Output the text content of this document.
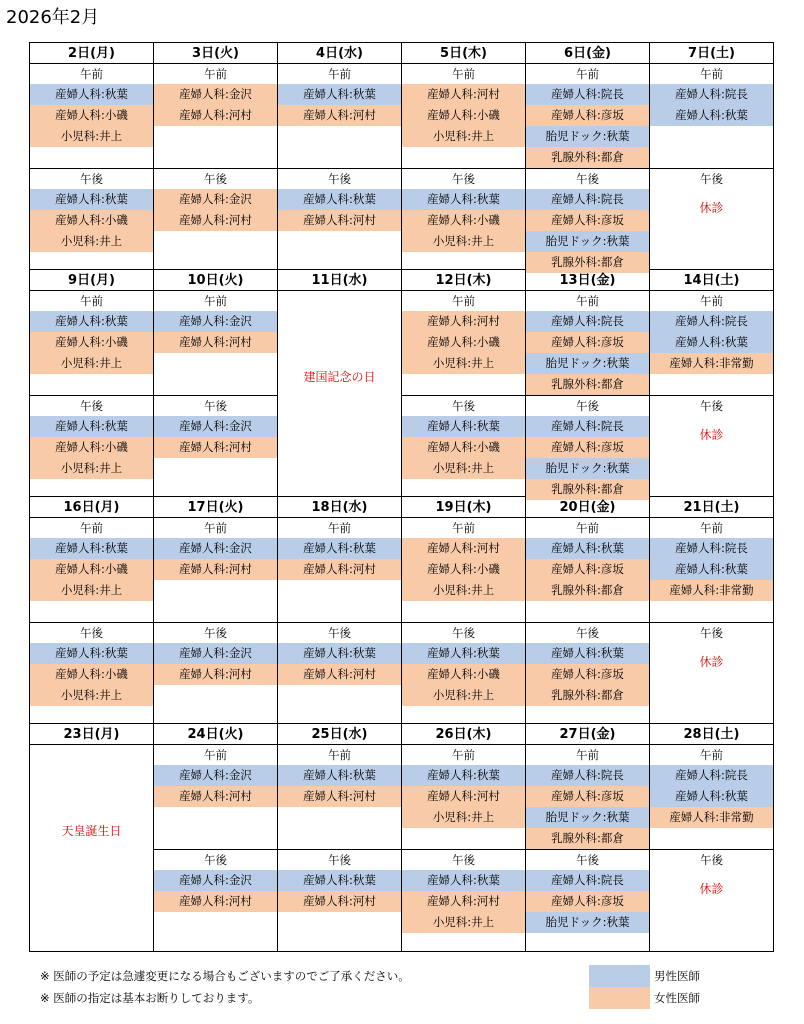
2026年2月
2日(月)
午前
産婦人科:秋葉
産婦人科:小磯
小児科:井上
午後
産婦人科:秋葉
産婦人科:小磯
小児科:井上
3日(火)
午前
産婦人科:金沢
産婦人科:河村
午後
産婦人科:金沢
産婦人科:河村
4日(水)
午前
産婦人科:秋葉
産婦人科:河村
午後
産婦人科:秋葉
産婦人科:河村
5日(木)
午前
産婦人科:河村
産婦人科:小磯
小児科:井上
午後
産婦人科:秋葉
産婦人科:小磯
小児科:井上
6日(金)
午前
産婦人科:院長
産婦人科:彦坂
胎児ドック:秋葉
乳腺外科:都倉
午後
産婦人科:院長
産婦人科:彦坂
胎児ドック:秋葉
乳腺外科:都倉
7日(土)
午前
産婦人科:院長
産婦人科:秋葉
午後
休診
9日(月)
午前
産婦人科:秋葉
産婦人科:小磯
小児科:井上
午後
産婦人科:秋葉
産婦人科:小磯
小児科:井上
10日(火)
午前
産婦人科:金沢
産婦人科:河村
午後
産婦人科:金沢
産婦人科:河村
11日(水)
建国記念の日
12日(木)
午前
産婦人科:河村
産婦人科:小磯
小児科:井上
午後
産婦人科:秋葉
産婦人科:小磯
小児科:井上
13日(金)
午前
産婦人科:院長
産婦人科:彦坂
胎児ドック:秋葉
乳腺外科:都倉
午後
産婦人科:院長
産婦人科:彦坂
胎児ドック:秋葉
乳腺外科:都倉
14日(土)
午前
産婦人科:院長
産婦人科:秋葉
産婦人科:非常勤
午後
休診
16日(月)
午前
産婦人科:秋葉
産婦人科:小磯
小児科:井上
午後
産婦人科:秋葉
産婦人科:小磯
小児科:井上
17日(火)
午前
産婦人科:金沢
産婦人科:河村
午後
産婦人科:金沢
産婦人科:河村
18日(水)
午前
産婦人科:秋葉
産婦人科:河村
午後
産婦人科:秋葉
産婦人科:河村
19日(木)
午前
産婦人科:河村
産婦人科:小磯
小児科:井上
午後
産婦人科:秋葉
産婦人科:小磯
小児科:井上
20日(金)
午前
産婦人科:秋葉
産婦人科:彦坂
乳腺外科:都倉
午後
産婦人科:秋葉
産婦人科:彦坂
乳腺外科:都倉
21日(土)
午前
産婦人科:院長
産婦人科:秋葉
産婦人科:非常勤
午後
休診
23日(月)
天皇誕生日
24日(火)
午前
産婦人科:金沢
産婦人科:河村
午後
産婦人科:金沢
産婦人科:河村
25日(水)
午前
産婦人科:秋葉
産婦人科:河村
午後
産婦人科:秋葉
産婦人科:河村
26日(木)
午前
産婦人科:秋葉
産婦人科:河村
小児科:井上
午後
産婦人科:秋葉
産婦人科:河村
小児科:井上
27日(金)
午前
産婦人科:院長
産婦人科:彦坂
胎児ドック:秋葉
乳腺外科:都倉
午後
産婦人科:院長
産婦人科:彦坂
胎児ドック:秋葉
28日(土)
午前
産婦人科:院長
産婦人科:秋葉
産婦人科:非常勤
午後
休診
※ 医師の予定は急遽変更になる場合もございますのでご了承ください。
※ 医師の指定は基本お断りしております。
男性医師
女性医師
